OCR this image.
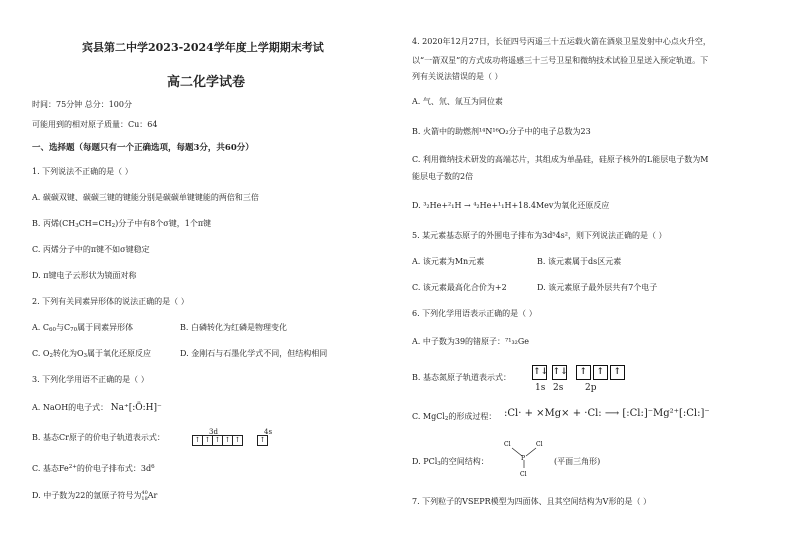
宾县第二中学2023-2024学年度上学期期末考试
高二化学试卷
时间：75分钟 总分：100分
可能用到的相对原子质量：Cu：64
一、选择题（每题只有一个正确选项，每题3分，共60分）
1. 下列说法不正确的是（ ）
A. 碳碳双键、碳碳三键的键能分别是碳碳单键键能的两倍和三倍
B. 丙烯(CH3CH=CH2)分子中有8个σ键，1个π键
C. 丙烯分子中的π键不如σ键稳定
D. π键电子云形状为镜面对称
2. 下列有关同素异形体的说法正确的是（ ）
A. C60与C70属于同素异形体	B. 白磷转化为红磷是物理变化
C. O2转化为O3属于氧化还原反应	D. 金刚石与石墨化学式不同，但结构相同
3. 下列化学用语不正确的是（ ）
A. NaOH的电子式： Na⁺[:Ö:H]⁻
B. 基态Cr原子的价电子轨道表示式：
3d	4s
↑ ↑ ↑ ↑ ↑	↑
C. 基态$Fe^{2+}$的价电子排布式：$3d^6$
D. 中子数为22的氩原子符号为40
18Ar
4. 2020年12月27日，长征四号丙遥三十五运载火箭在酒泉卫星发射中心点火升空，
以“一箭双星”的方式成功将遥感三十三号卫星和微纳技术试验卫星送入预定轨道。下
列有关说法错误的是（ ）
A. 气、氘、氚互为同位素
B. 火箭中的助燃剂¹⁴N¹⁶O₂分子中的电子总数为23
C. 利用微纳技术研发的高端芯片，其组成为单晶硅，硅原子核外的L能层电子数为M
能层电子数的2倍
D. ³₂He+²₁H → ⁴₂He+¹₁H+18.4Mev为氧化还原反应
5. 某元素基态原子的外围电子排布为3d⁵4s²，则下列说法正确的是（ ）
A. 该元素为Mn元素	B. 该元素属于ds区元素
C. 该元素最高化合价为+2	D. 该元素原子最外层共有7个电子
6. 下列化学用语表示正确的是（ ）
A. 中子数为39的锗原子：⁷¹₃₂Ge
B. 基态氮原子轨道表示式：
↑↓ ↑↓ ↑ ↑ ↑
1s 2s 2p
C. MgCl2的形成过程： :Cl· + ×Mg× + ·Cl: ⟶ [:Cl:]⁻Mg²⁺[:Cl:]⁻
D. PCl3的空间结构：
Cl	Cl
P
Cl
(平面三角形)
7. 下列粒子的VSEPR模型为四面体、且其空间结构为V形的是（ ）
